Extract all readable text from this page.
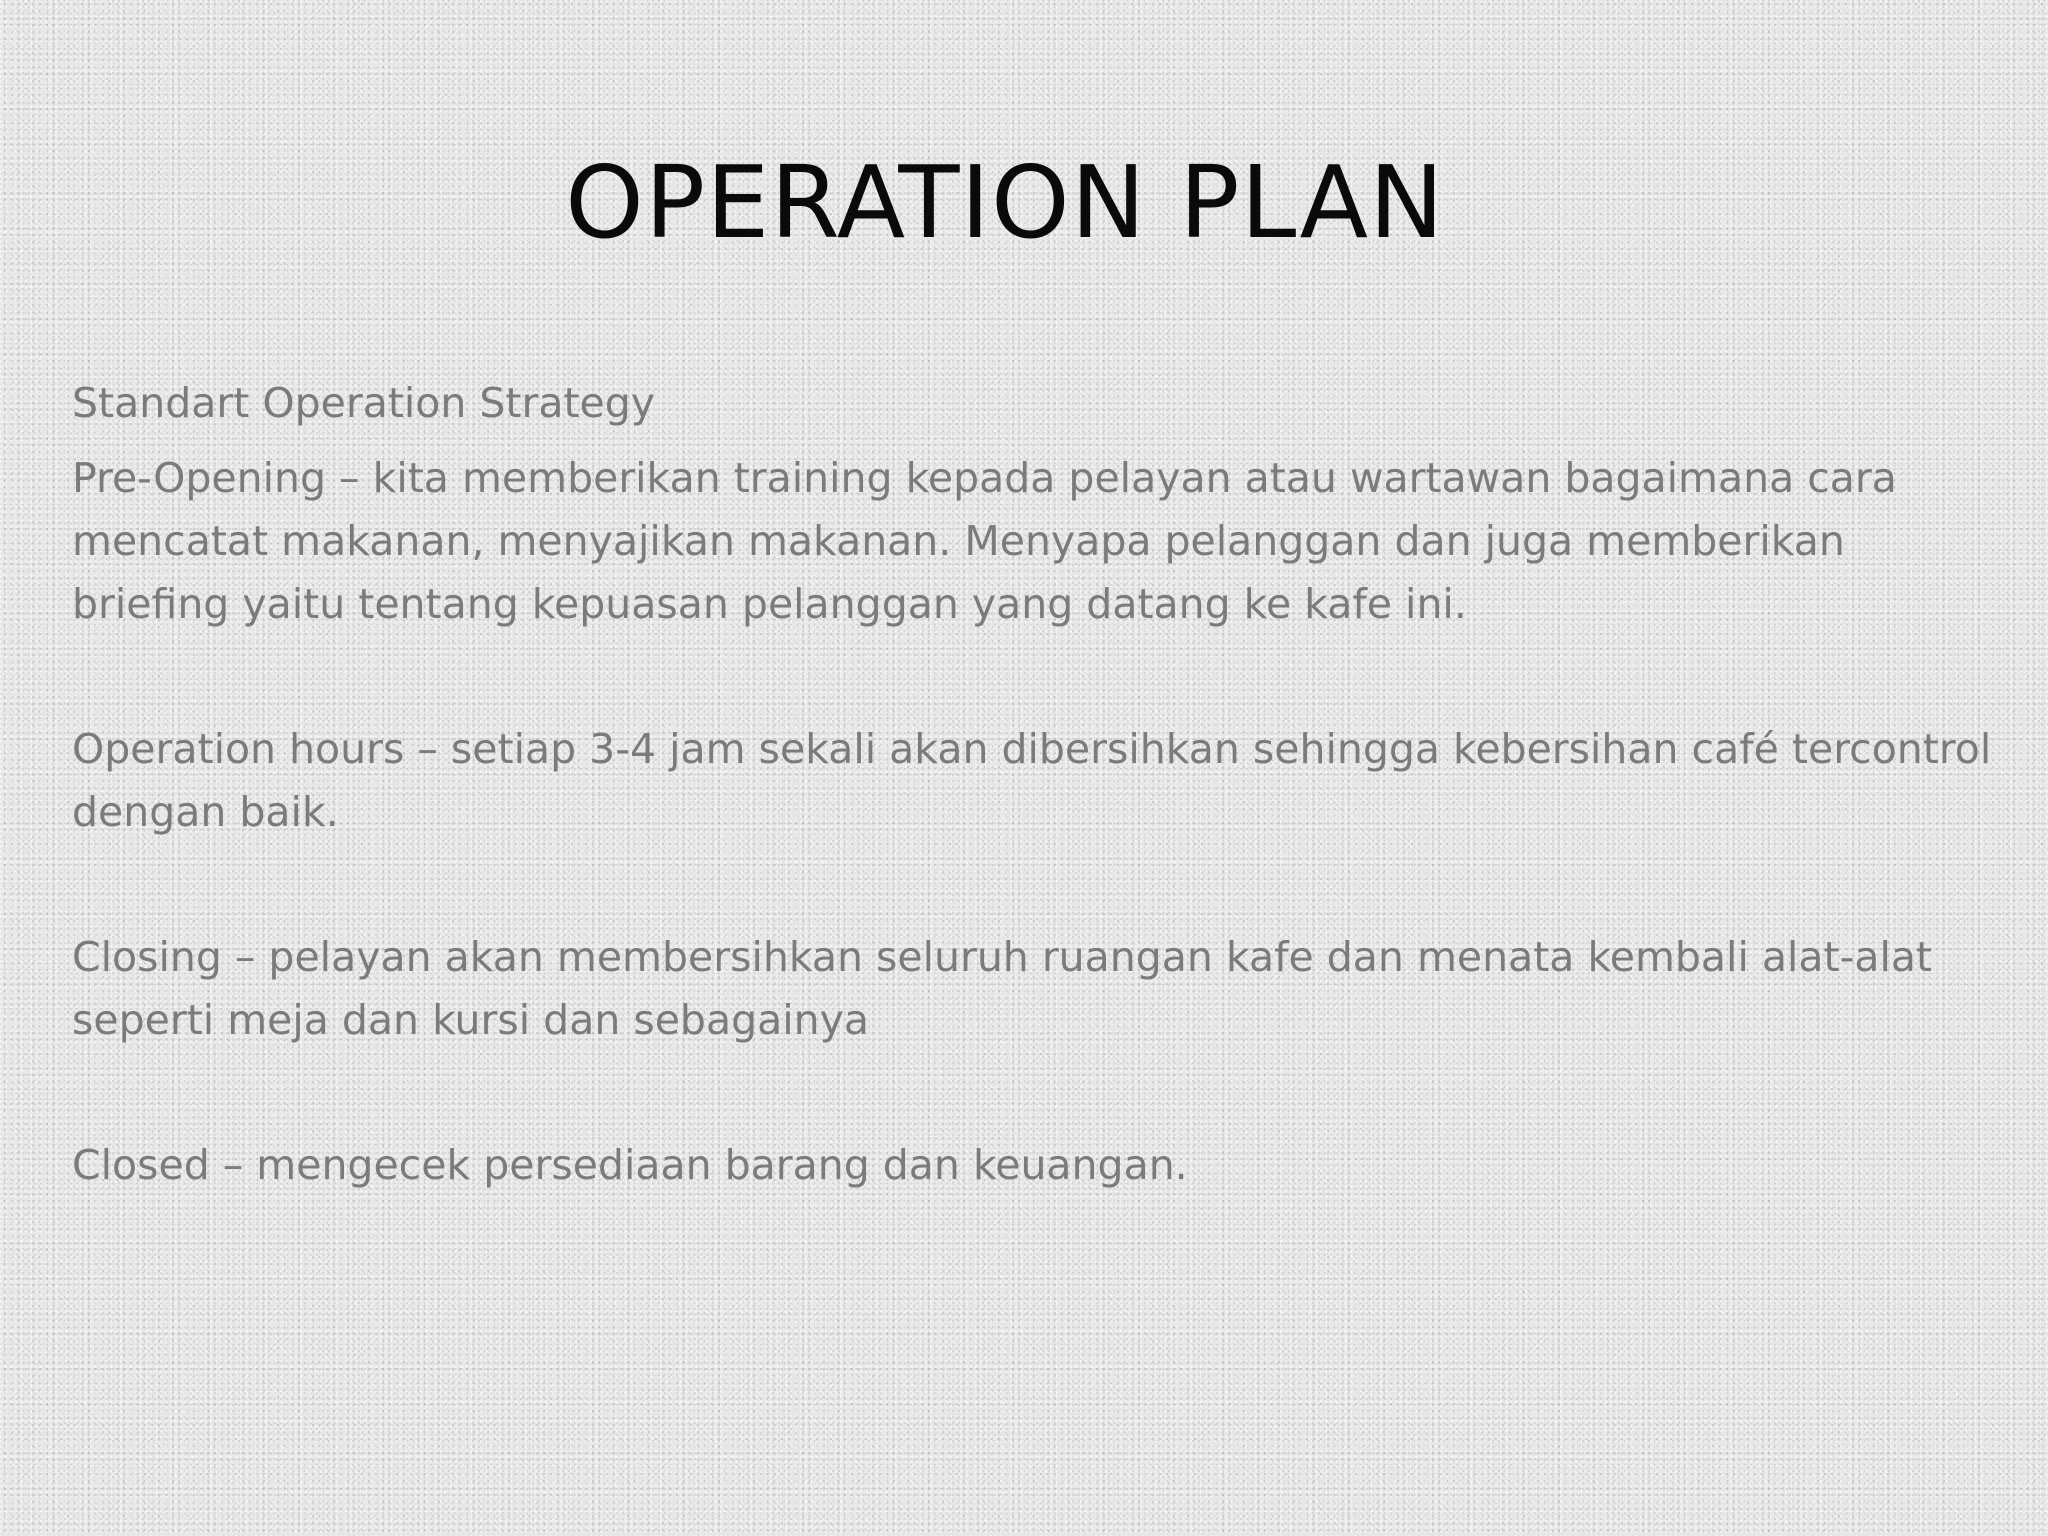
OPERATION PLAN

Standart Operation Strategy

Pre-Opening – kita memberikan training kepada pelayan atau wartawan bagaimana cara mencatat makanan, menyajikan makanan. Menyapa pelanggan dan juga memberikan briefing yaitu tentang kepuasan pelanggan yang datang ke kafe ini.

Operation hours – setiap 3-4 jam sekali akan dibersihkan sehingga kebersihan café tercontrol dengan baik.

Closing – pelayan akan membersihkan seluruh ruangan kafe dan menata kembali alat-alat seperti meja dan kursi dan sebagainya

Closed – mengecek persediaan barang dan keuangan.
